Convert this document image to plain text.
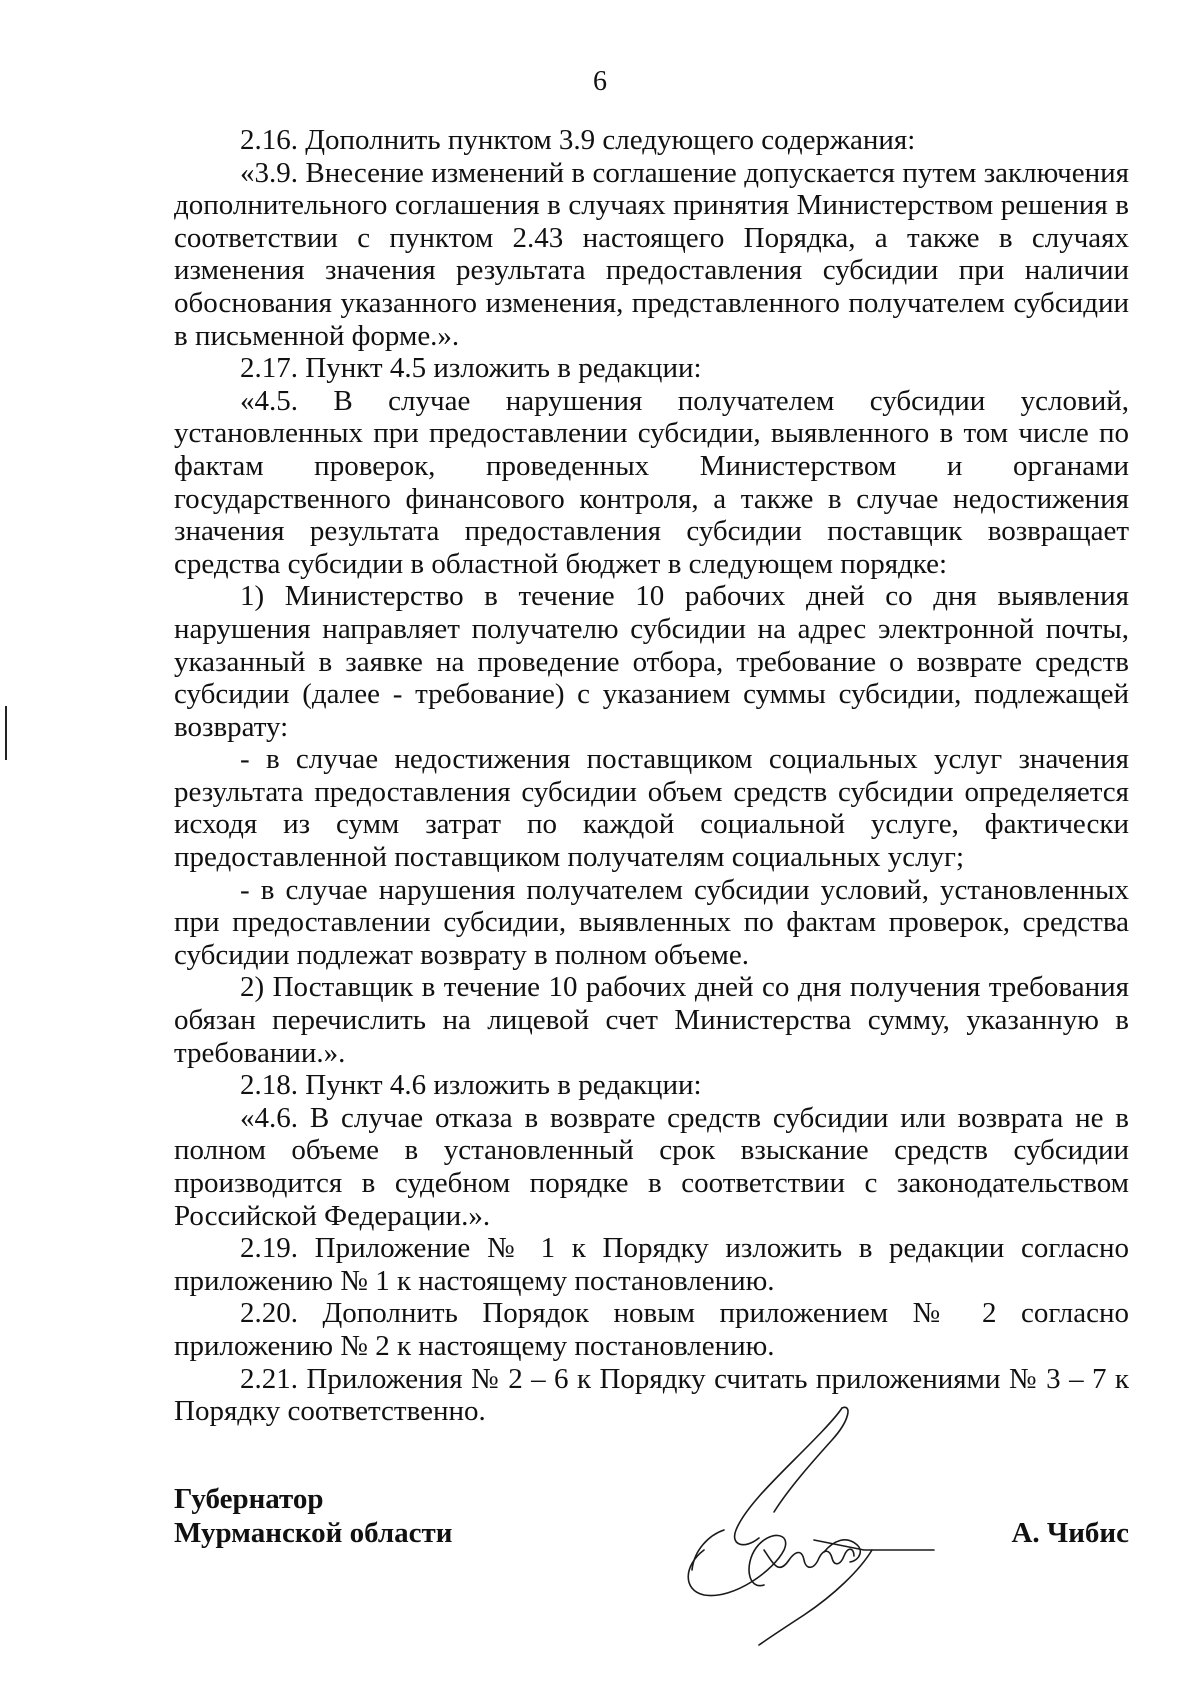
6

2.16. Дополнить пунктом 3.9 следующего содержания:

«3.9. Внесение изменений в соглашение допускается путем заключения дополнительного соглашения в случаях принятия Министерством решения в соответствии с пунктом 2.43 настоящего Порядка, а также в случаях изменения значения результата предоставления субсидии при наличии обоснования указанного изменения, представленного получателем субсидии в письменной форме.».

2.17. Пункт 4.5 изложить в редакции:

«4.5. В случае нарушения получателем субсидии условий, установленных при предоставлении субсидии, выявленного в том числе по фактам проверок, проведенных Министерством и органами государственного финансового контроля, а также в случае недостижения значения результата предоставления субсидии поставщик возвращает средства субсидии в областной бюджет в следующем порядке:

1) Министерство в течение 10 рабочих дней со дня выявления нарушения направляет получателю субсидии на адрес электронной почты, указанный в заявке на проведение отбора, требование о возврате средств субсидии (далее - требование) с указанием суммы субсидии, подлежащей возврату:

- в случае недостижения поставщиком социальных услуг значения результата предоставления субсидии объем средств субсидии определяется исходя из сумм затрат по каждой социальной услуге, фактически предоставленной поставщиком получателям социальных услуг;

- в случае нарушения получателем субсидии условий, установленных при предоставлении субсидии, выявленных по фактам проверок, средства субсидии подлежат возврату в полном объеме.

2) Поставщик в течение 10 рабочих дней со дня получения требования обязан перечислить на лицевой счет Министерства сумму, указанную в требовании.».

2.18. Пункт 4.6 изложить в редакции:

«4.6. В случае отказа в возврате средств субсидии или возврата не в полном объеме в установленный срок взыскание средств субсидии производится в судебном порядке в соответствии с законодательством Российской Федерации.».

2.19. Приложение № 1 к Порядку изложить в редакции согласно приложению № 1 к настоящему постановлению.

2.20. Дополнить Порядок новым приложением № 2 согласно приложению № 2 к настоящему постановлению.

2.21. Приложения № 2 – 6 к Порядку считать приложениями № 3 – 7 к Порядку соответственно.

Губернатор
Мурманской области	А. Чибис
